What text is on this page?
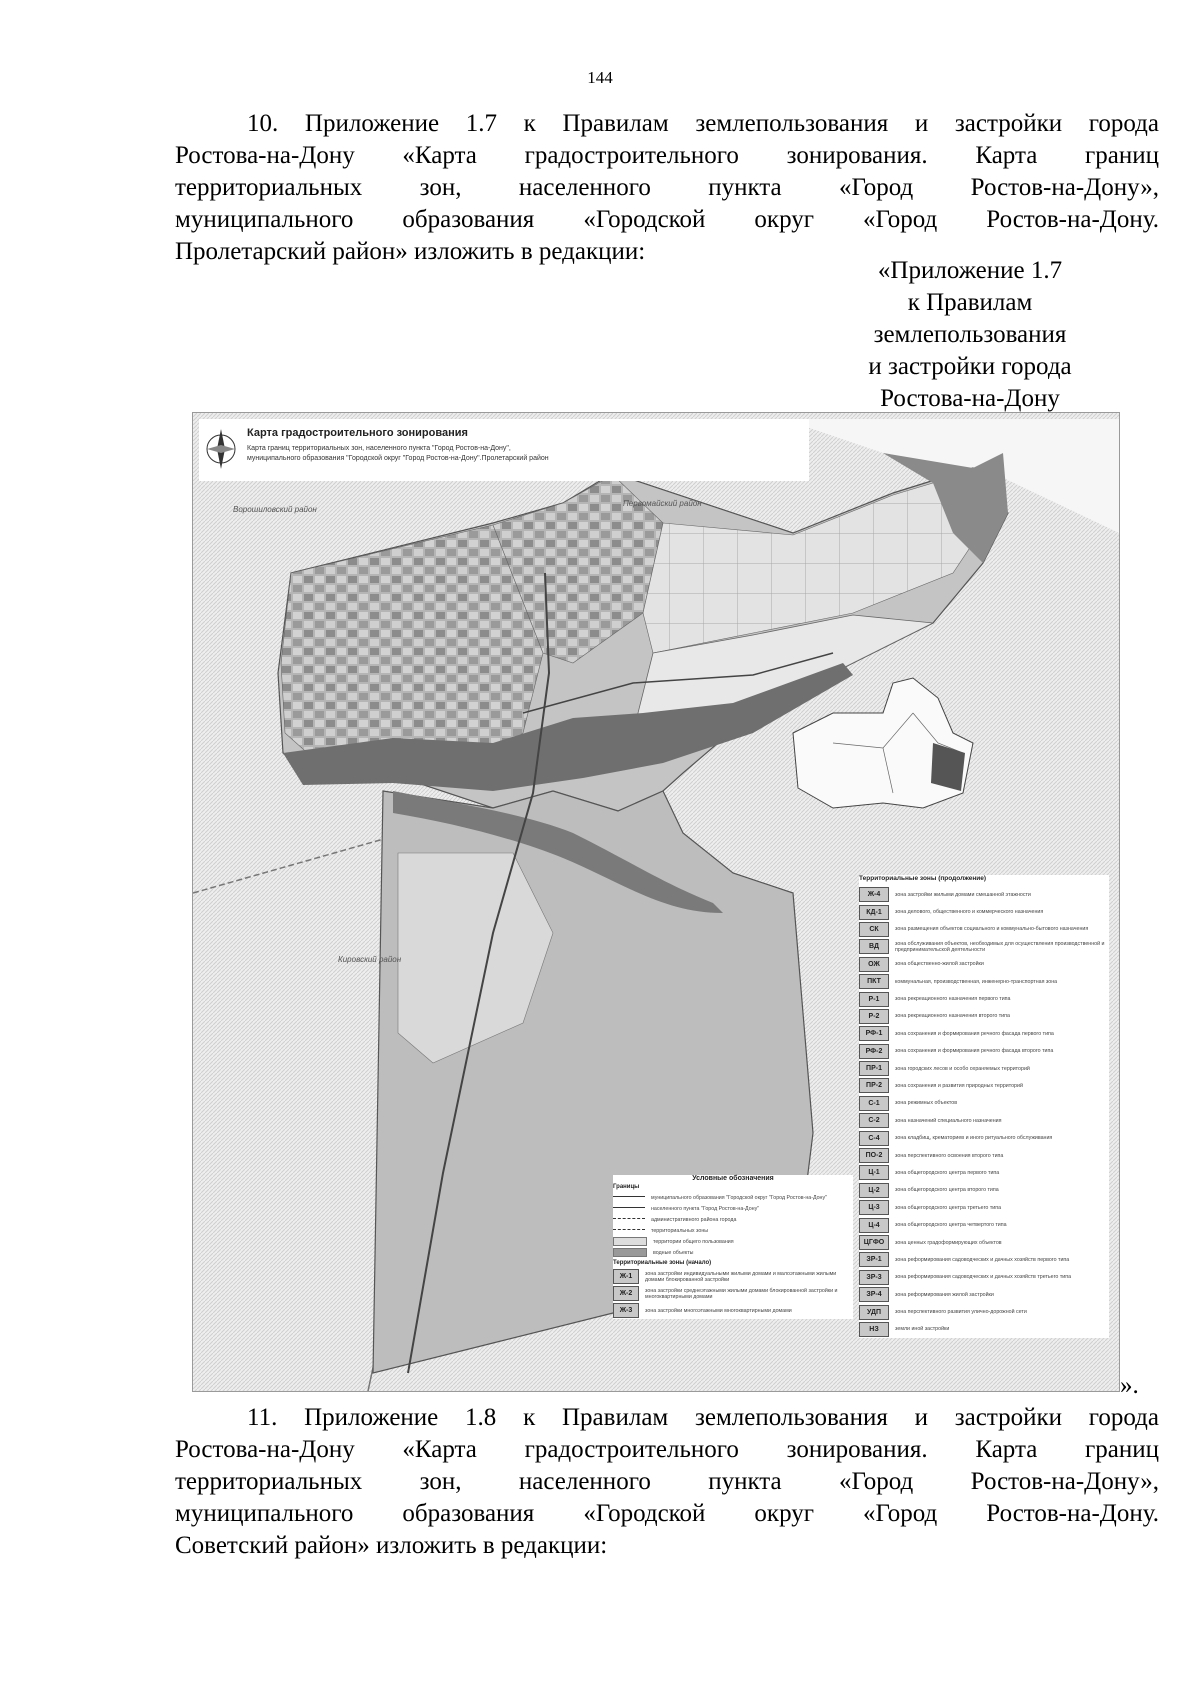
144
10. Приложение 1.7 к Правилам землепользования и застройки города
Ростова-на-Дону «Карта градостроительного зонирования. Карта границ
территориальных зон, населенного пункта «Город Ростов-на-Дону»,
муниципального образования «Городской округ «Город Ростов-на-Дону.
Пролетарский район» изложить в редакции:
«Приложение 1.7
к Правилам
землепользования
и застройки города
Ростова-на-Дону
Карта градостроительного зонирования
Карта границ территориальных зон, населенного пункта "Город Ростов-на-Дону",
муниципального образования "Городской округ "Город Ростов-на-Дону".Пролетарский район
Ворошиловский район
Первомайский район
Кировский район
Территориальные зоны (продолжение)
Ж-4	зона застройки жилыми домами смешанной этажности
КД-1	зона делового, общественного и коммерческого назначения
СК	зона размещения объектов социального и коммунально-бытового назначения
ВД	зона обслуживания объектов, необходимых для осуществления производственной и предпринимательской деятельности
ОЖ	зона общественно-жилой застройки
ПКТ	коммунальная, производственная, инженерно-транспортная зона
Р-1	зона рекреационного назначения первого типа
Р-2	зона рекреационного назначения второго типа
РФ-1	зона сохранения и формирования речного фасада первого типа
РФ-2	зона сохранения и формирования речного фасада второго типа
ПР-1	зона городских лесов и особо охраняемых территорий
ПР-2	зона сохранения и развития природных территорий
С-1	зона режимных объектов
С-2	зона назначений специального назначения
С-4	зона кладбищ, крематориев и иного ритуального обслуживания
ПО-2	зона перспективного освоения второго типа
Ц-1	зона общегородского центра первого типа
Ц-2	зона общегородского центра второго типа
Ц-3	зона общегородского центра третьего типа
Ц-4	зона общегородского центра четвертого типа
ЦГФО	зона ценных градоформирующих объектов
ЗР-1	зона реформирования садоводческих и дачных хозяйств первого типа
ЗР-3	зона реформирования садоводческих и дачных хозяйств третьего типа
ЗР-4	зона реформирования жилой застройки
УДП	зона перспективного развития улично-дорожной сети
НЗ	земли иной застройки
Условные обозначения
Границы
муниципального образования "Городской округ "Город Ростов-на-Дону"
населенного пункта "Город Ростов-на-Дону"
административного района города
территориальных зоны
территории общего пользования
водные объекты
Территориальные зоны (начало)
Ж-1	зона застройки индивидуальными жилыми домами и малоэтажными жилыми домами блокированной застройки
Ж-2	зона застройки среднеэтажными жилыми домами блокированной застройки и многоквартирными домами
Ж-3	зона застройки многоэтажными многоквартирными домами
».
11. Приложение 1.8 к Правилам землепользования и застройки города
Ростова-на-Дону «Карта градостроительного зонирования. Карта границ
территориальных зон, населенного пункта «Город Ростов-на-Дону»,
муниципального образования «Городской округ «Город Ростов-на-Дону.
Советский район» изложить в редакции:
